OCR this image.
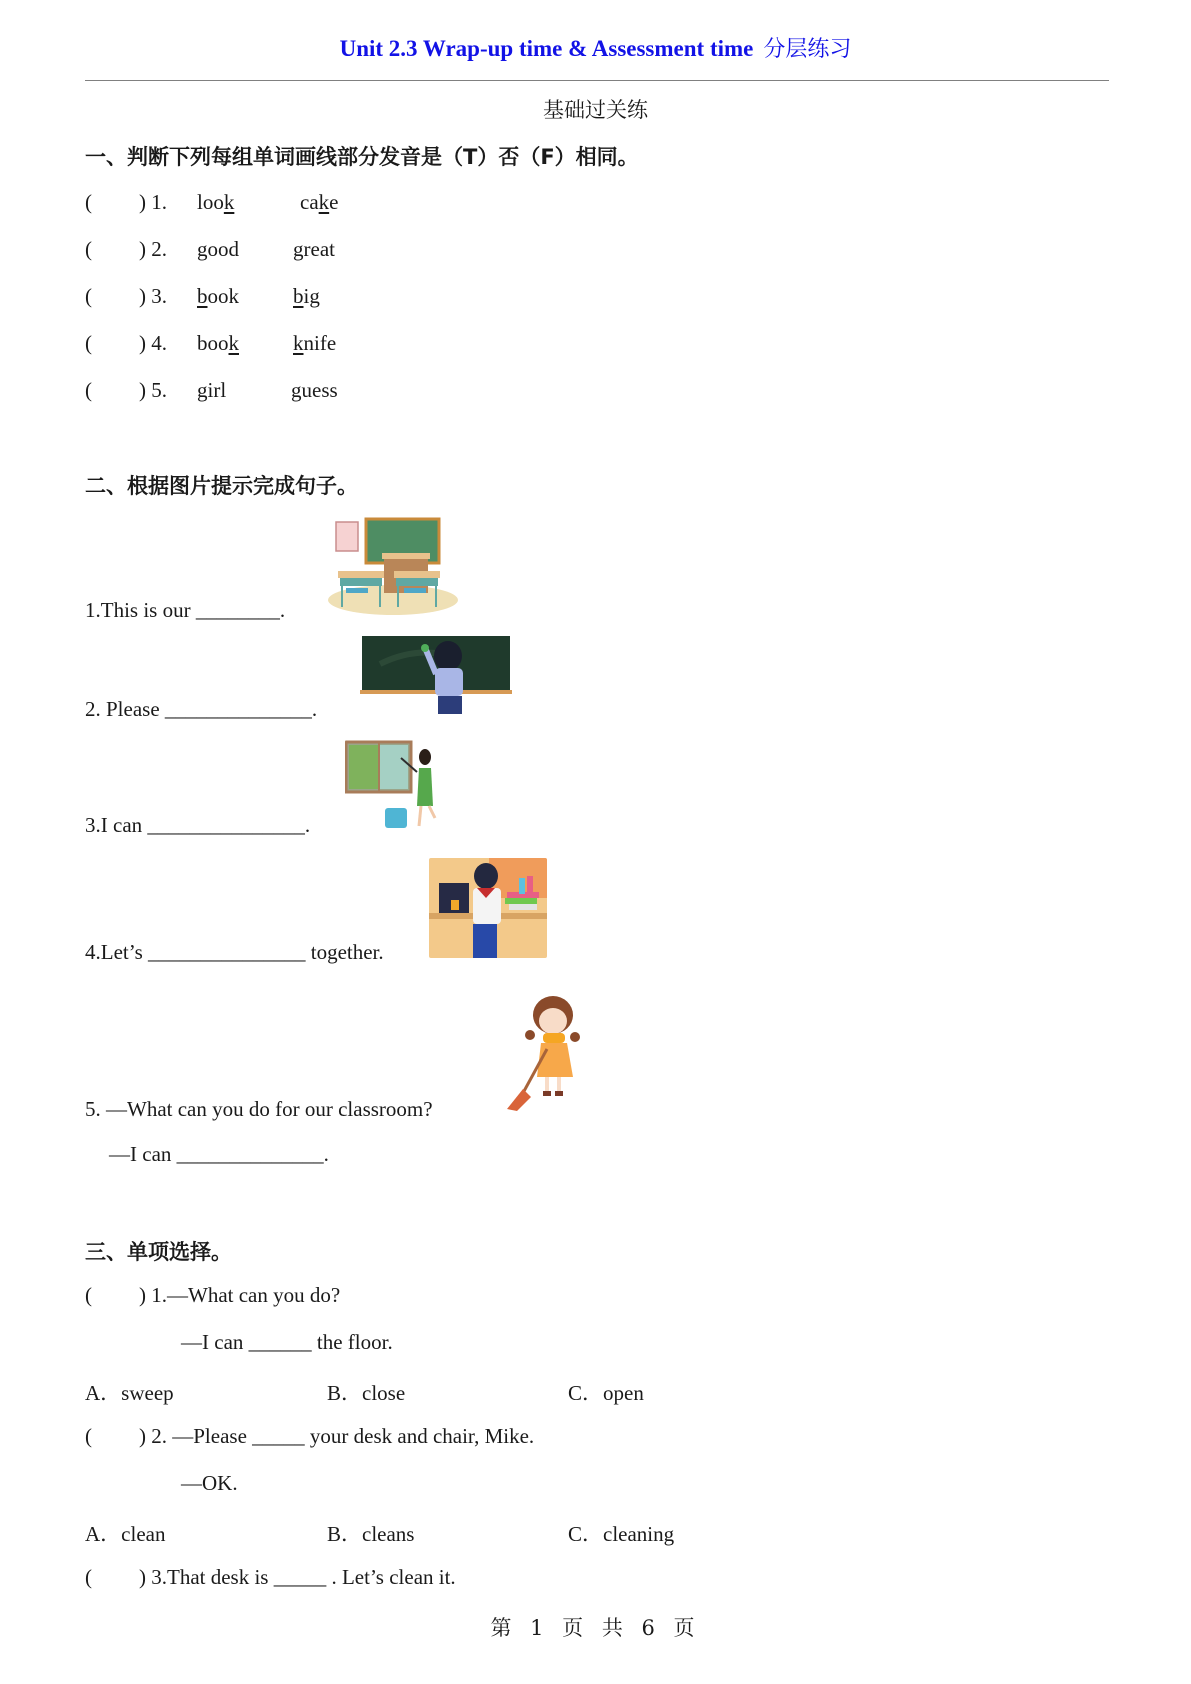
Unit 2.3 Wrap-up time & Assessment time 分层练习
基础过关练
一、判断下列每组单词画线部分发音是（T）否（F）相同。
( ) 1. look	cake
( ) 2. good	great
( ) 3. book	big
( ) 4. book	knife
( ) 5. girl	guess
二、根据图片提示完成句子。
1.This is our ________.
2. Please ______________.
3.I can _______________.
4.Let’s _______________ together.
5. —What can you do for our classroom?
—I can ______________.
三、单项选择。
( ) 1.—What can you do?
—I can ______ the floor.
A．sweep	B．close	C．open
( ) 2. —Please _____ your desk and chair, Mike.
—OK.
A．clean	B．cleans	C．cleaning
( ) 3.That desk is _____ . Let’s clean it.
第 1 页 共 6 页
